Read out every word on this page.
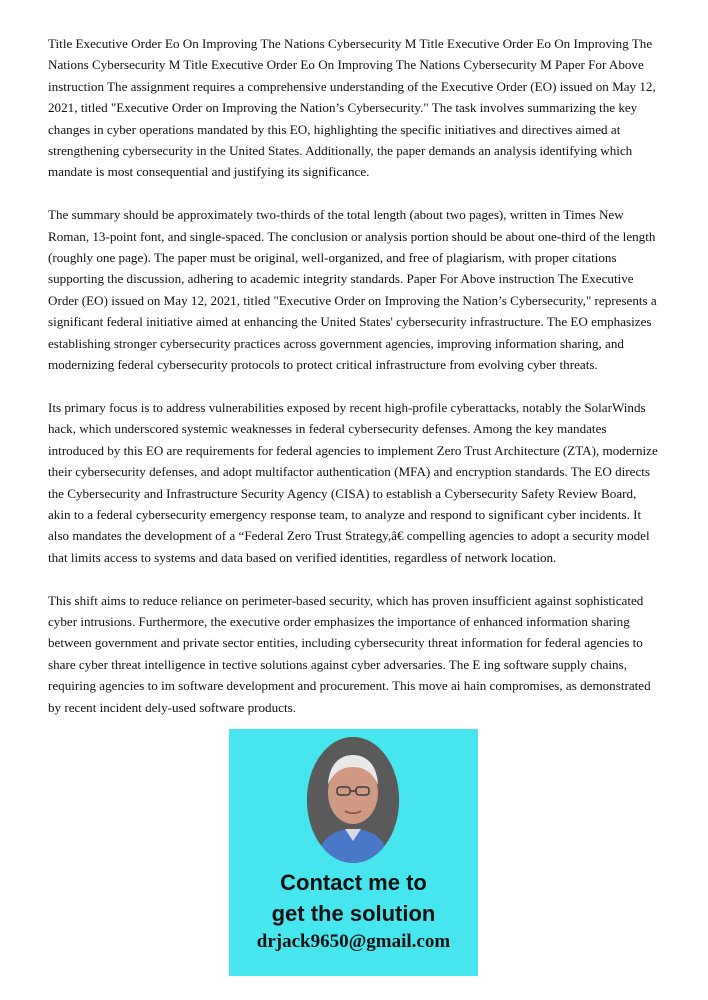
Title Executive Order Eo On Improving The Nations Cybersecurity M Title Executive Order Eo On Improving The Nations Cybersecurity M Title Executive Order Eo On Improving The Nations Cybersecurity M Paper For Above instruction The assignment requires a comprehensive understanding of the Executive Order (EO) issued on May 12, 2021, titled "Executive Order on Improving the Nation’s Cybersecurity." The task involves summarizing the key changes in cyber operations mandated by this EO, highlighting the specific initiatives and directives aimed at strengthening cybersecurity in the United States. Additionally, the paper demands an analysis identifying which mandate is most consequential and justifying its significance.

The summary should be approximately two-thirds of the total length (about two pages), written in Times New Roman, 13-point font, and single-spaced. The conclusion or analysis portion should be about one-third of the length (roughly one page). The paper must be original, well-organized, and free of plagiarism, with proper citations supporting the discussion, adhering to academic integrity standards. Paper For Above instruction The Executive Order (EO) issued on May 12, 2021, titled "Executive Order on Improving the Nation’s Cybersecurity," represents a significant federal initiative aimed at enhancing the United States' cybersecurity infrastructure. The EO emphasizes establishing stronger cybersecurity practices across government agencies, improving information sharing, and modernizing federal cybersecurity protocols to protect critical infrastructure from evolving cyber threats.

Its primary focus is to address vulnerabilities exposed by recent high-profile cyberattacks, notably the SolarWinds hack, which underscored systemic weaknesses in federal cybersecurity defenses. Among the key mandates introduced by this EO are requirements for federal agencies to implement Zero Trust Architecture (ZTA), modernize their cybersecurity defenses, and adopt multifactor authentication (MFA) and encryption standards. The EO directs the Cybersecurity and Infrastructure Security Agency (CISA) to establish a Cybersecurity Safety Review Board, akin to a federal cybersecurity emergency response team, to analyze and respond to significant cyber incidents. It also mandates the development of a “Federal Zero Trust Strategy,â€ compelling agencies to adopt a security model that limits access to systems and data based on verified identities, regardless of network location.

This shift aims to reduce reliance on perimeter-based security, which has proven insufficient against sophisticated cyber intrusions. Furthermore, the executive order emphasizes the importance of enhanced information sharing between government and private sector entities, including cybersecurity threat information for federal agencies to share cyber threat intelligence in tective solutions against cyber adversaries. The E ing software supply chains, requiring agencies to im software development and procurement. This move ai hain compromises, as demonstrated by recent incident dely-used software products.

Contact me to
get the solution
drjack9650@gmail.com
